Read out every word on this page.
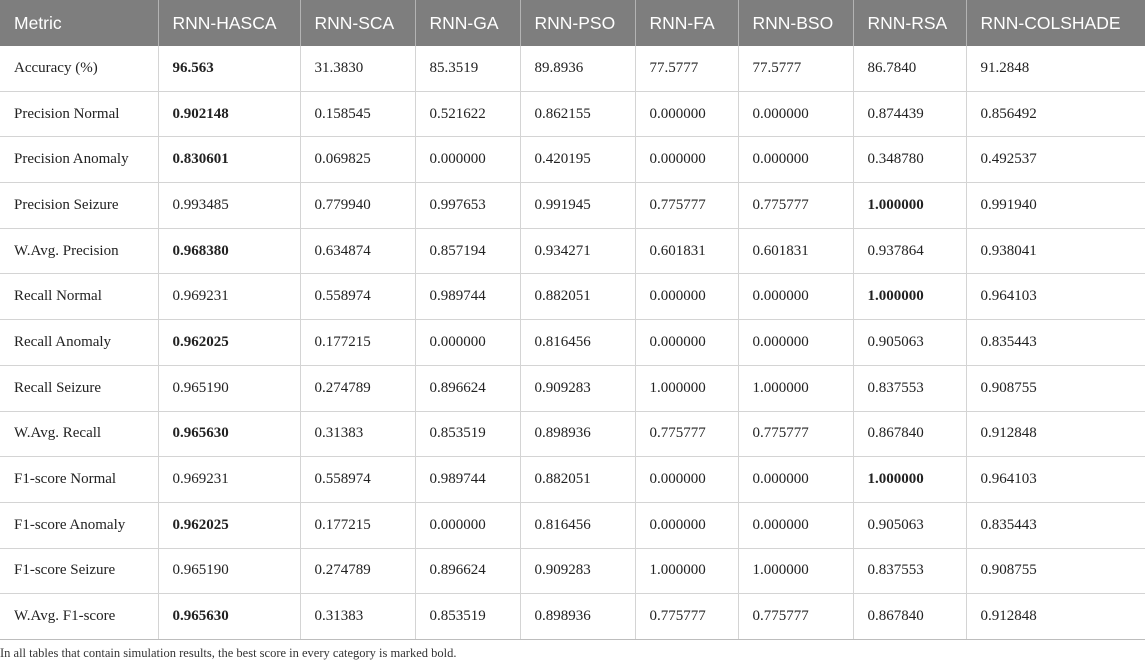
Metric	RNN-HASCA	RNN-SCA	RNN-GA	RNN-PSO	RNN-FA	RNN-BSO	RNN-RSA	RNN-COLSHADE
Accuracy (%)	96.563	31.3830	85.3519	89.8936	77.5777	77.5777	86.7840	91.2848
Precision Normal	0.902148	0.158545	0.521622	0.862155	0.000000	0.000000	0.874439	0.856492
Precision Anomaly	0.830601	0.069825	0.000000	0.420195	0.000000	0.000000	0.348780	0.492537
Precision Seizure	0.993485	0.779940	0.997653	0.991945	0.775777	0.775777	1.000000	0.991940
W.Avg. Precision	0.968380	0.634874	0.857194	0.934271	0.601831	0.601831	0.937864	0.938041
Recall Normal	0.969231	0.558974	0.989744	0.882051	0.000000	0.000000	1.000000	0.964103
Recall Anomaly	0.962025	0.177215	0.000000	0.816456	0.000000	0.000000	0.905063	0.835443
Recall Seizure	0.965190	0.274789	0.896624	0.909283	1.000000	1.000000	0.837553	0.908755
W.Avg. Recall	0.965630	0.31383	0.853519	0.898936	0.775777	0.775777	0.867840	0.912848
F1-score Normal	0.969231	0.558974	0.989744	0.882051	0.000000	0.000000	1.000000	0.964103
F1-score Anomaly	0.962025	0.177215	0.000000	0.816456	0.000000	0.000000	0.905063	0.835443
F1-score Seizure	0.965190	0.274789	0.896624	0.909283	1.000000	1.000000	0.837553	0.908755
W.Avg. F1-score	0.965630	0.31383	0.853519	0.898936	0.775777	0.775777	0.867840	0.912848
In all tables that contain simulation results, the best score in every category is marked bold.
